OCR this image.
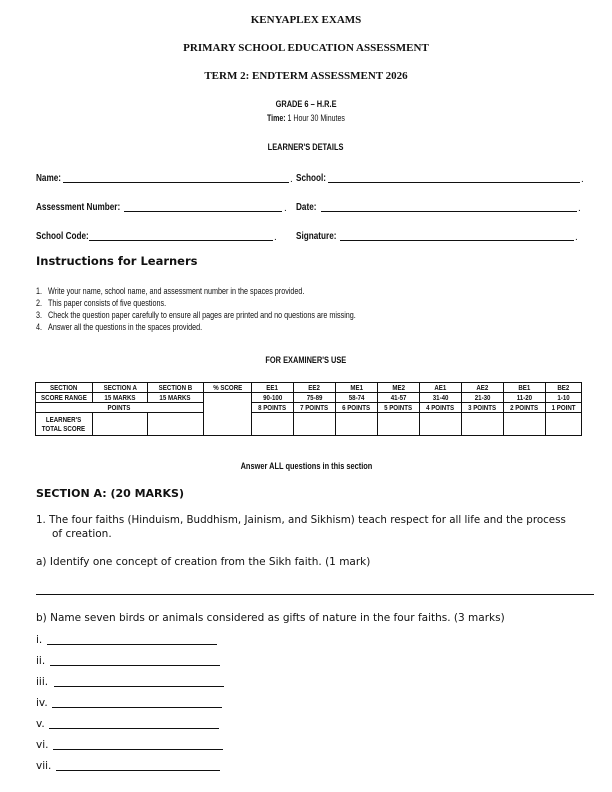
KENYAPLEX EXAMS
PRIMARY SCHOOL EDUCATION ASSESSMENT
TERM 2: ENDTERM ASSESSMENT 2026
GRADE 6 – H.R.E
Time: 1 Hour 30 Minutes
LEARNER'S DETAILS
Name:	. School:	.
Assessment Number:	. Date:	.
School Code:	. Signature:	.
Instructions for Learners
1.   Write your name, school name, and assessment number in the spaces provided.
2.   This paper consists of five questions.
3.   Check the question paper carefully to ensure all pages are printed and no questions are missing.
4.   Answer all the questions in the spaces provided.
FOR EXAMINER'S USE
SECTION	SECTION A	SECTION B	% SCORE	EE1	EE2	ME1	ME2	AE1	AE2	BE1	BE2
SCORE RANGE	15 MARKS	15 MARKS		90-100	75-89	58-74	41-57	31-40	21-30	11-20	1-10
POINTS				8 POINTS	7 POINTS	6 POINTS	5 POINTS	4 POINTS	3 POINTS	2 POINTS	1 POINT
LEARNER'S
TOTAL SCORE											
Answer ALL questions in this section
SECTION A: (20 MARKS)
1. The four faiths (Hinduism, Buddhism, Jainism, and Sikhism) teach respect for all life and the process
of creation.
a) Identify one concept of creation from the Sikh faith. (1 mark)
b) Name seven birds or animals considered as gifts of nature in the four faiths. (3 marks)
i.
ii.
iii.
iv.
v.
vi.
vii.
